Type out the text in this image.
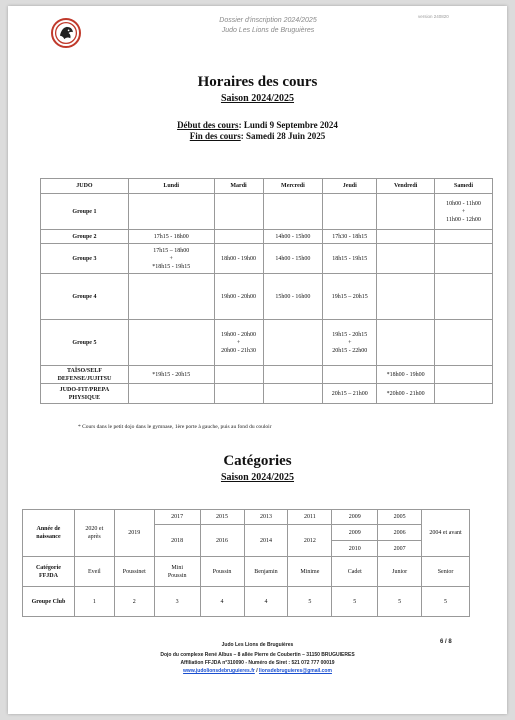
Dossier d'inscription 2024/2025
Judo Les Lions de Bruguières
version 240820
Horaires des cours
Saison 2024/2025
Début des cours: Lundi 9 Septembre 2024
Fin des cours: Samedi 28 Juin 2025
JUDO	Lundi	Mardi	Mercredi	Jeudi	Vendredi	Samedi
Groupe 1						10h00 - 11h00
+
11h00 - 12h00
Groupe 2	17h15 - 18h00		14h00 - 15h00	17h30 - 18h15		
Groupe 3	17h15 – 18h00
+
*18h15 - 19h15	18h00 - 19h00	14h00 - 15h00	18h15 - 19h15		
Groupe 4		19h00 - 20h00	15h00 - 16h00	19h15 – 20h15		
Groupe 5		19h00 - 20h00
+
20h00 - 21h30		19h15 - 20h15
+
20h15 - 22h00		
TAÏSO/SELF
DEFENSE/JUJITSU	*19h15 - 20h15				*18h00 - 19h00	
JUDO-FIT/PREPA
PHYSIQUE				20h15 – 21h00	*20h00 - 21h00	
* Cours dans le petit dojo dans le gymnase, 1ère porte à gauche, puis au fond du couloir
Catégories
Saison 2024/2025
Année de
naissance	2020 et
après	2019	2017	2015	2013	2011	2009	2005	2004 et avant
			2018	2016	2014	2012	2009	2006	
							2010	2007	
Catégorie
FFJDA	Eveil	Poussinet	Mini
Poussin	Poussin	Benjamin	Minime	Cadet	Junior	Senior
Groupe Club	1	2	3	4	4	5	5	5	5
Judo Les Lions de Bruguières	6 / 8
Dojo du complexe René Albus – 8 allée Pierre de Coubertin – 31150 BRUGUIERES
Affiliation FFJDA n°310090 - Numéro de Siret : 521 072 777 00019
www.judolionsdebruguieres.fr / lionsdebruguieres@gmail.com
